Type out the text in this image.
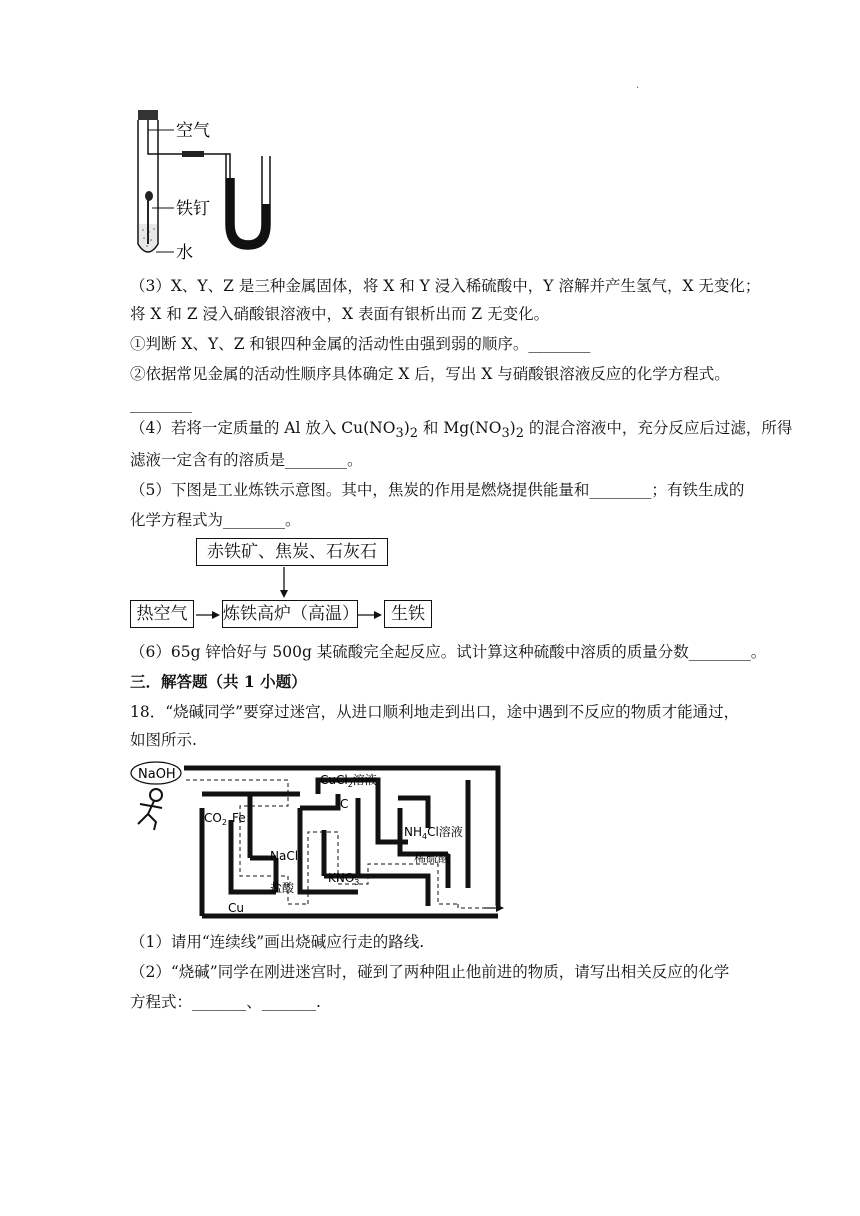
.
空气
铁钉
水
（3）X、Y、Z 是三种金属固体，将 X 和 Y 浸入稀硫酸中，Y 溶解并产生氢气，X 无变化；
将 X 和 Z 浸入硝酸银溶液中，X 表面有银析出而 Z 无变化。
①判断 X、Y、Z 和银四种金属的活动性由强到弱的顺序。________
②依据常见金属的活动性顺序具体确定 X 后，写出 X 与硝酸银溶液反应的化学方程式。
________
（4）若将一定质量的 Al 放入 $Cu(NO_3)_2$ 和 $Mg(NO_3)_2$ 的混合溶液中，充分反应后过滤，所得
滤液一定含有的溶质是________。
（5）下图是工业炼铁示意图。其中，焦炭的作用是燃烧提供能量和________；有铁生成的
化学方程式为________。
赤铁矿、焦炭、石灰石
热空气	炼铁高炉（高温）	生铁
（6）65g 锌恰好与 500g 某硫酸完全起反应。试计算这种硫酸中溶质的质量分数________。
三．解答题（共 1 小题）
18．“烧碱同学”要穿过迷宫，从进口顺利地走到出口，途中遇到不反应的物质才能通过，
如图所示.
NaOH	CuCl$_2$溶液
C
$NH_4Cl$溶液
$CO_2$ Fe
NaCl	稀硫酸
$KNO_3$
盐酸
Cu
（1）请用“连续线”画出烧碱应行走的路线.
（2）“烧碱”同学在刚进迷宫时，碰到了两种阻止他前进的物质，请写出相关反应的化学
方程式：_______、_______.
